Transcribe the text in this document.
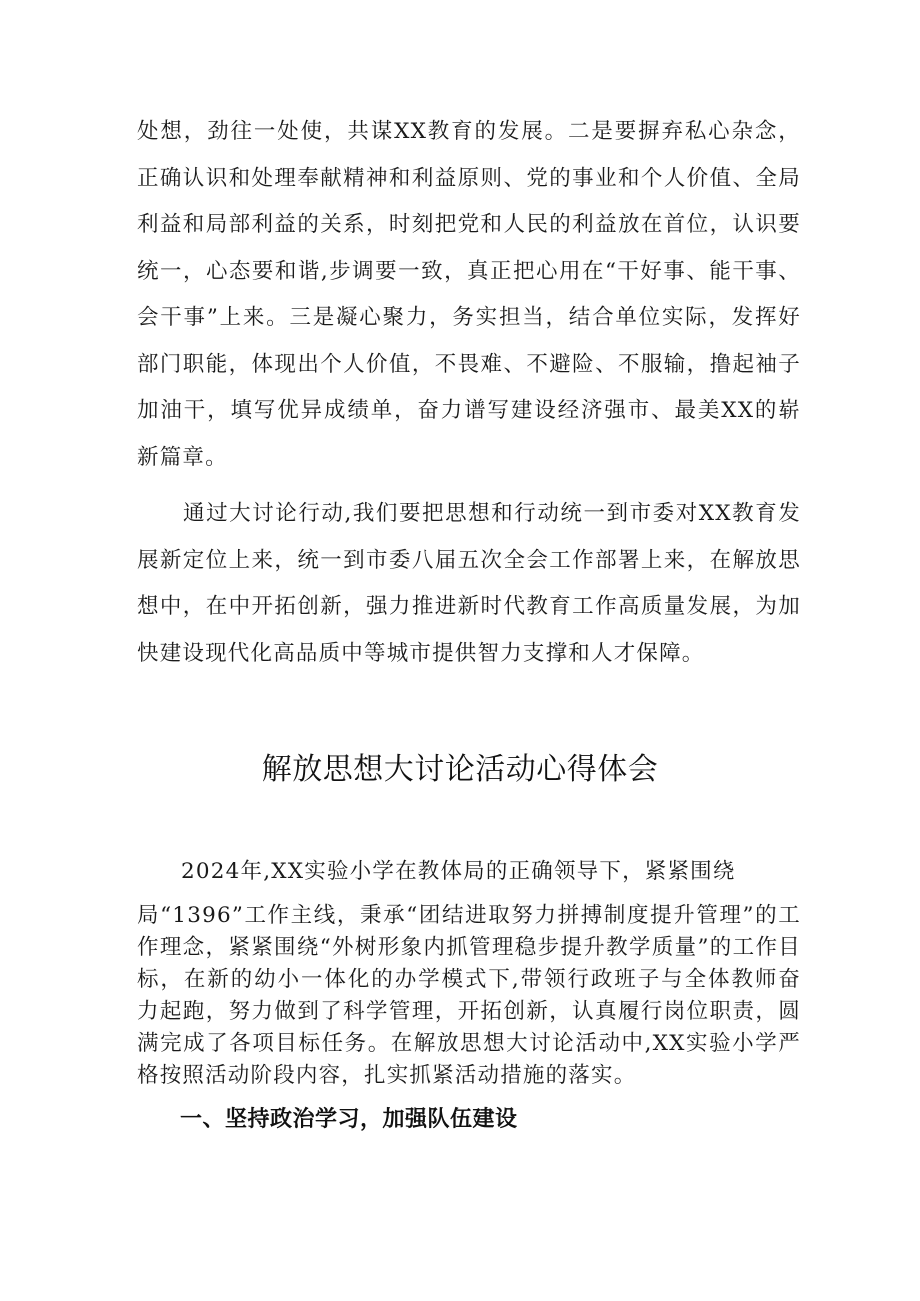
处想，劲往一处使，共谋XX教育的发展。二是要摒弃私心杂念，正确认识和处理奉献精神和利益原则、党的事业和个人价值、全局利益和局部利益的关系，时刻把党和人民的利益放在首位，认识要统一，心态要和谐,步调要一致，真正把心用在“干好事、能干事、会干事”上来。三是凝心聚力，务实担当，结合单位实际，发挥好部门职能，体现出个人价值，不畏难、不避险、不服输，撸起袖子加油干，填写优异成绩单，奋力谱写建设经济强市、最美XX的崭新篇章。

通过大讨论行动,我们要把思想和行动统一到市委对XX教育发展新定位上来，统一到市委八届五次全会工作部署上来，在解放思想中，在中开拓创新，强力推进新时代教育工作高质量发展，为加快建设现代化高品质中等城市提供智力支撑和人才保障。

解放思想大讨论活动心得体会

2024年,XX实验小学在教体局的正确领导下，紧紧围绕

局“1396”工作主线，秉承“团结进取努力拼搏制度提升管理”的工作理念，紧紧围绕“外树形象内抓管理稳步提升教学质量”的工作目标，在新的幼小一体化的办学模式下,带领行政班子与全体教师奋力起跑，努力做到了科学管理，开拓创新，认真履行岗位职责，圆满完成了各项目标任务。在解放思想大讨论活动中,XX实验小学严格按照活动阶段内容，扎实抓紧活动措施的落实。

一、坚持政治学习，加强队伍建设
